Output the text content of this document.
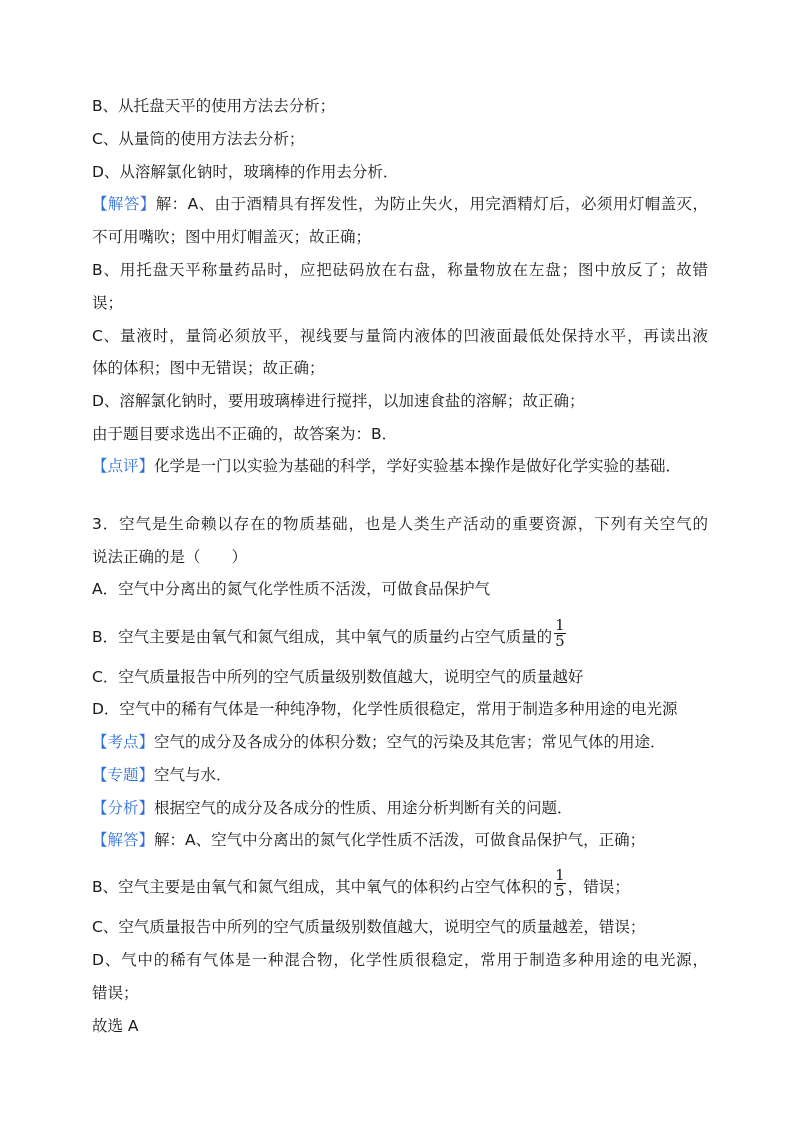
B、从托盘天平的使用方法去分析；
C、从量筒的使用方法去分析；
D、从溶解氯化钠时，玻璃棒的作用去分析．
【解答】解：A、由于酒精具有挥发性，为防止失火，用完酒精灯后，必须用灯帽盖灭，
不可用嘴吹；图中用灯帽盖灭；故正确；
B、用托盘天平称量药品时，应把砝码放在右盘，称量物放在左盘；图中放反了；故错
误；
C、量液时，量筒必须放平，视线要与量筒内液体的凹液面最低处保持水平，再读出液
体的体积；图中无错误；故正确；
D、溶解氯化钠时，要用玻璃棒进行搅拌，以加速食盐的溶解；故正确；
由于题目要求选出不正确的，故答案为：B．
【点评】化学是一门以实验为基础的科学，学好实验基本操作是做好化学实验的基础．
3．空气是生命赖以存在的物质基础，也是人类生产活动的重要资源，下列有关空气的
说法正确的是（　　）
A．空气中分离出的氮气化学性质不活泼，可做食品保护气
B．空气主要是由氧气和氮气组成，其中氧气的质量约占空气质量的 $\frac{1}{5}$
C．空气质量报告中所列的空气质量级别数值越大，说明空气的质量越好
D．空气中的稀有气体是一种纯净物，化学性质很稳定，常用于制造多种用途的电光源
【考点】空气的成分及各成分的体积分数；空气的污染及其危害；常见气体的用途．
【专题】空气与水．
【分析】根据空气的成分及各成分的性质、用途分析判断有关的问题．
【解答】解：A、空气中分离出的氮气化学性质不活泼，可做食品保护气，正确；
B、空气主要是由氧气和氮气组成，其中氧气的体积约占空气体积的 $\frac{1}{5}$ ，错误；
C、空气质量报告中所列的空气质量级别数值越大，说明空气的质量越差，错误；
D、气中的稀有气体是一种混合物，化学性质很稳定，常用于制造多种用途的电光源，
错误；
故选 A
